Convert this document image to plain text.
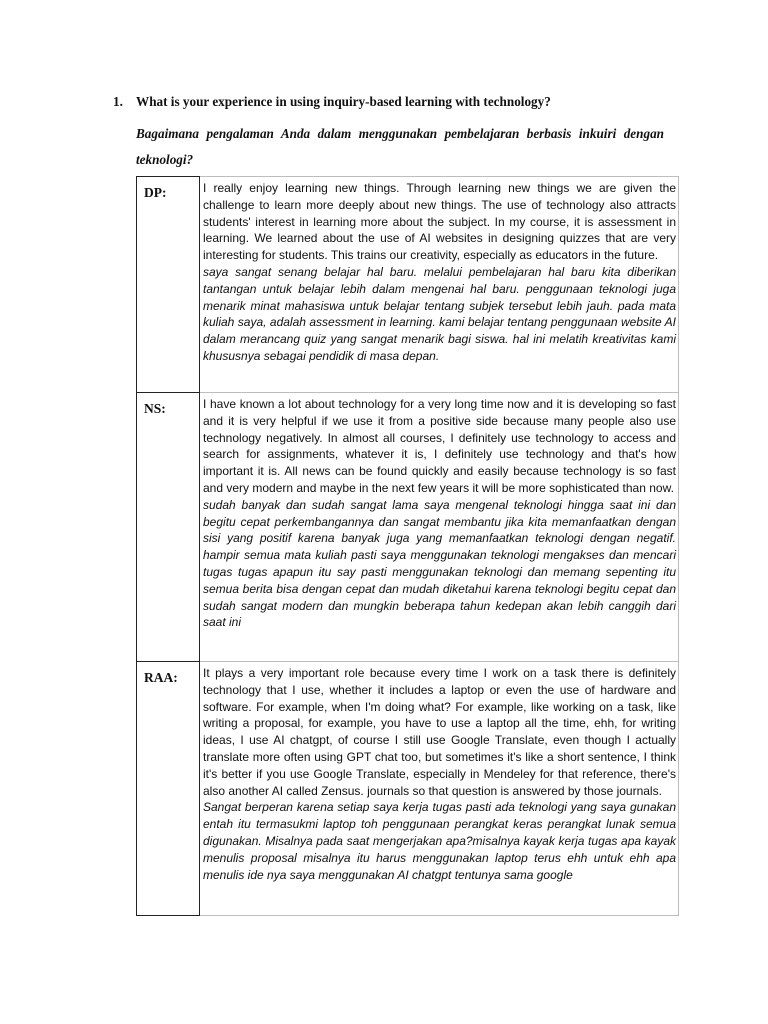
1. What is your experience in using inquiry-based learning with technology?
Bagaimana pengalaman Anda dalam menggunakan pembelajaran berbasis inkuiri dengan teknologi?
DP:	I really enjoy learning new things. Through learning new things we are given the challenge to learn more deeply about new things. The use of technology also attracts students' interest in learning more about the subject. In my course, it is assessment in learning. We learned about the use of AI websites in designing quizzes that are very interesting for students. This trains our creativity, especially as educators in the future.
saya sangat senang belajar hal baru. melalui pembelajaran hal baru kita diberikan tantangan untuk belajar lebih dalam mengenai hal baru. penggunaan teknologi juga menarik minat mahasiswa untuk belajar tentang subjek tersebut lebih jauh. pada mata kuliah saya, adalah assessment in learning. kami belajar tentang penggunaan website AI dalam merancang quiz yang sangat menarik bagi siswa. hal ini melatih kreativitas kami khususnya sebagai pendidik di masa depan.

NS:	I have known a lot about technology for a very long time now and it is developing so fast and it is very helpful if we use it from a positive side because many people also use technology negatively. In almost all courses, I definitely use technology to access and search for assignments, whatever it is, I definitely use technology and that's how important it is. All news can be found quickly and easily because technology is so fast and very modern and maybe in the next few years it will be more sophisticated than now.
sudah banyak dan sudah sangat lama saya mengenal teknologi hingga saat ini dan begitu cepat perkembangannya dan sangat membantu jika kita memanfaatkan dengan sisi yang positif karena banyak juga yang memanfaatkan teknologi dengan negatif. hampir semua mata kuliah pasti saya menggunakan teknologi mengakses dan mencari tugas tugas apapun itu say pasti menggunakan teknologi dan memang sepenting itu semua berita bisa dengan cepat dan mudah diketahui karena teknologi begitu cepat dan sudah sangat modern dan mungkin beberapa tahun kedepan akan lebih canggih dari saat ini

RAA:	It plays a very important role because every time I work on a task there is definitely technology that I use, whether it includes a laptop or even the use of hardware and software. For example, when I'm doing what? For example, like working on a task, like writing a proposal, for example, you have to use a laptop all the time, ehh, for writing ideas, I use AI chatgpt, of course I still use Google Translate, even though I actually translate more often using GPT chat too, but sometimes it's like a short sentence, I think it's better if you use Google Translate, especially in Mendeley for that reference, there's also another AI called Zensus. journals so that question is answered by those journals.
Sangat berperan karena setiap saya kerja tugas pasti ada teknologi yang saya gunakan entah itu termasukmi laptop toh penggunaan perangkat keras perangkat lunak semua digunakan. Misalnya pada saat mengerjakan apa?misalnya kayak kerja tugas apa kayak menulis proposal misalnya itu harus menggunakan laptop terus ehh untuk ehh apa menulis ide nya saya menggunakan AI chatgpt tentunya sama google
